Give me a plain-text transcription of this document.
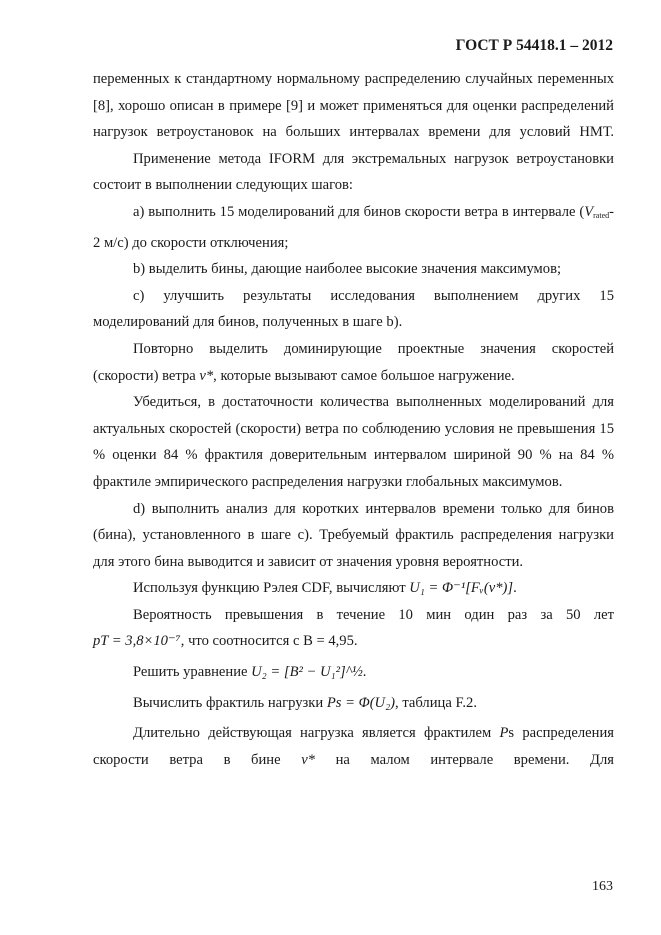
ГОСТ Р 54418.1 – 2012

переменных к стандартному нормальному распределению случайных переменных [8], хорошо описан в примере [9] и может применяться для оценки распределений нагрузок ветроустановок на больших интервалах времени для условий НМТ.

Применение метода IFORM для экстремальных нагрузок ветроустановки состоит в выполнении следующих шагов:

а) выполнить 15 моделирований для бинов скорости ветра в интервале ($V_{rated}-2$ м/с) до скорости отключения;

b) выделить бины, дающие наиболее высокие значения максимумов;

с) улучшить результаты исследования выполнением других 15 моделирований для бинов, полученных в шаге b).

Повторно выделить доминирующие проектные значения скоростей (скорости) ветра v*, которые вызывают самое большое нагружение.

Убедиться, в достаточности количества выполненных моделирований для актуальных скоростей (скорости) ветра по соблюдению условия не превышения 15 % оценки 84 % фрактиля доверительным интервалом шириной 90 % на 84 % фрактиле эмпирического распределения нагрузки глобальных максимумов.

d) выполнить анализ для коротких интервалов времени только для бинов (бина), установленного в шаге с). Требуемый фрактиль распределения нагрузки для этого бина выводится и зависит от значения уровня вероятности.

Используя функцию Рэлея CDF, вычисляют U₁ = Φ⁻¹[Fᵥ(v*)].

Вероятность превышения в течение 10 мин один раз за 50 лет

pT = 3,8×10⁻⁷, что соотносится с В = 4,95.

Решить уравнение U₂ = [B² − U₁²]^½.

Вычислить фрактиль нагрузки Ps = Φ(U₂), таблица F.2.

Длительно действующая нагрузка является фрактилем Ps распределения скорости ветра в бине v* на малом интервале времени. Для

163
